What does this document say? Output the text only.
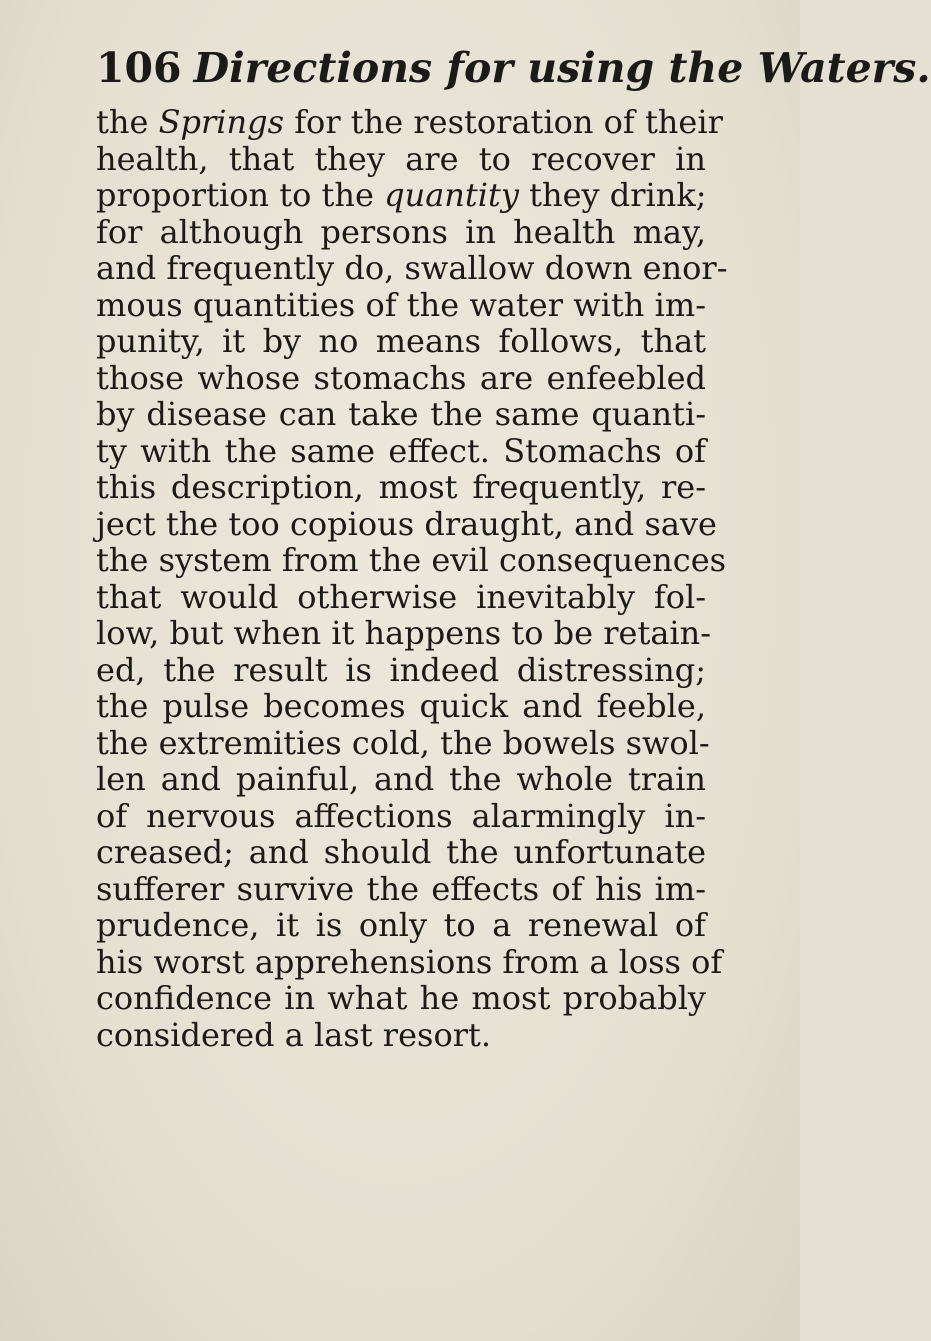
106 Directions for using the Waters.
the Springs for the restoration of their
health, that they are to recover in
proportion to the quantity they drink;
for although persons in health may,
and frequently do, swallow down enor-
mous quantities of the water with im-
punity, it by no means follows, that
those whose stomachs are enfeebled
by disease can take the same quanti-
ty with the same effect. Stomachs of
this description, most frequently, re-
ject the too copious draught, and save
the system from the evil consequences
that would otherwise inevitably fol-
low, but when it happens to be retain-
ed, the result is indeed distressing;
the pulse becomes quick and feeble,
the extremities cold, the bowels swol-
len and painful, and the whole train
of nervous affections alarmingly in-
creased; and should the unfortunate
sufferer survive the effects of his im-
prudence, it is only to a renewal of
his worst apprehensions from a loss of
confidence in what he most probably
considered a last resort.
